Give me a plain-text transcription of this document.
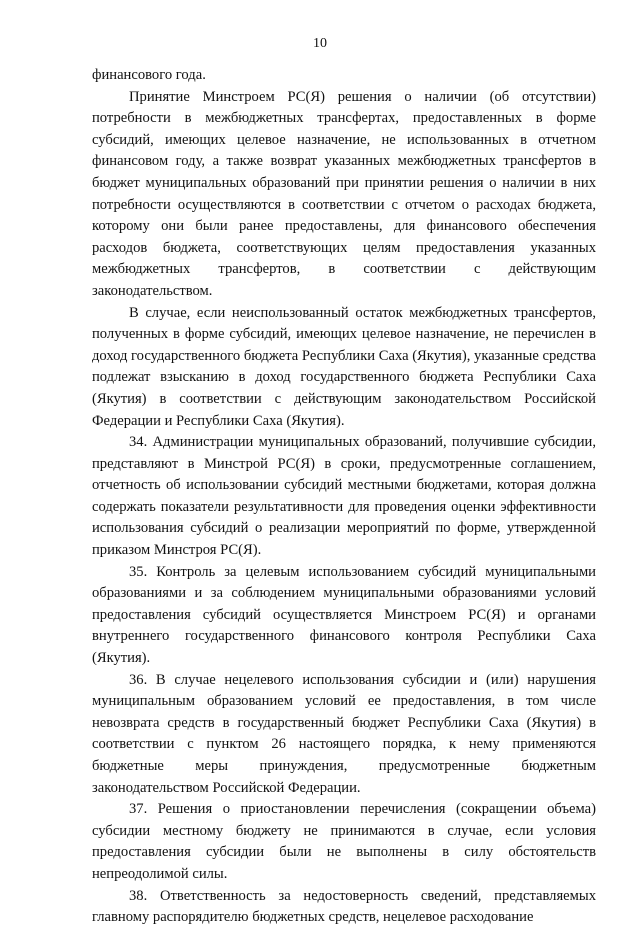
10

финансового года.

Принятие Минстроем РС(Я) решения о наличии (об отсутствии) потребности в межбюджетных трансфертах, предоставленных в форме субсидий, имеющих целевое назначение, не использованных в отчетном финансовом году, а также возврат указанных межбюджетных трансфертов в бюджет муниципальных образований при принятии решения о наличии в них потребности осуществляются в соответствии с отчетом о расходах бюджета, которому они были ранее предоставлены, для финансового обеспечения расходов бюджета, соответствующих целям предоставления указанных межбюджетных трансфертов, в соответствии с действующим законодательством.

В случае, если неиспользованный остаток межбюджетных трансфертов, полученных в форме субсидий, имеющих целевое назначение, не перечислен в доход государственного бюджета Республики Саха (Якутия), указанные средства подлежат взысканию в доход государственного бюджета Республики Саха (Якутия) в соответствии с действующим законодательством Российской Федерации и Республики Саха (Якутия).

34. Администрации муниципальных образований, получившие субсидии, представляют в Минстрой РС(Я) в сроки, предусмотренные соглашением, отчетность об использовании субсидий местными бюджетами, которая должна содержать показатели результативности для проведения оценки эффективности использования субсидий о реализации мероприятий по форме, утвержденной приказом Минстроя РС(Я).

35. Контроль за целевым использованием субсидий муниципальными образованиями и за соблюдением муниципальными образованиями условий предоставления субсидий осуществляется Минстроем РС(Я) и органами внутреннего государственного финансового контроля Республики Саха (Якутия).

36. В случае нецелевого использования субсидии и (или) нарушения муниципальным образованием условий ее предоставления, в том числе невозврата средств в государственный бюджет Республики Саха (Якутия) в соответствии с пунктом 26 настоящего порядка, к нему применяются бюджетные меры принуждения, предусмотренные бюджетным законодательством Российской Федерации.

37. Решения о приостановлении перечисления (сокращении объема) субсидии местному бюджету не принимаются в случае, если условия предоставления субсидии были не выполнены в силу обстоятельств непреодолимой силы.

38. Ответственность за недостоверность сведений, представляемых главному распорядителю бюджетных средств, нецелевое расходование
